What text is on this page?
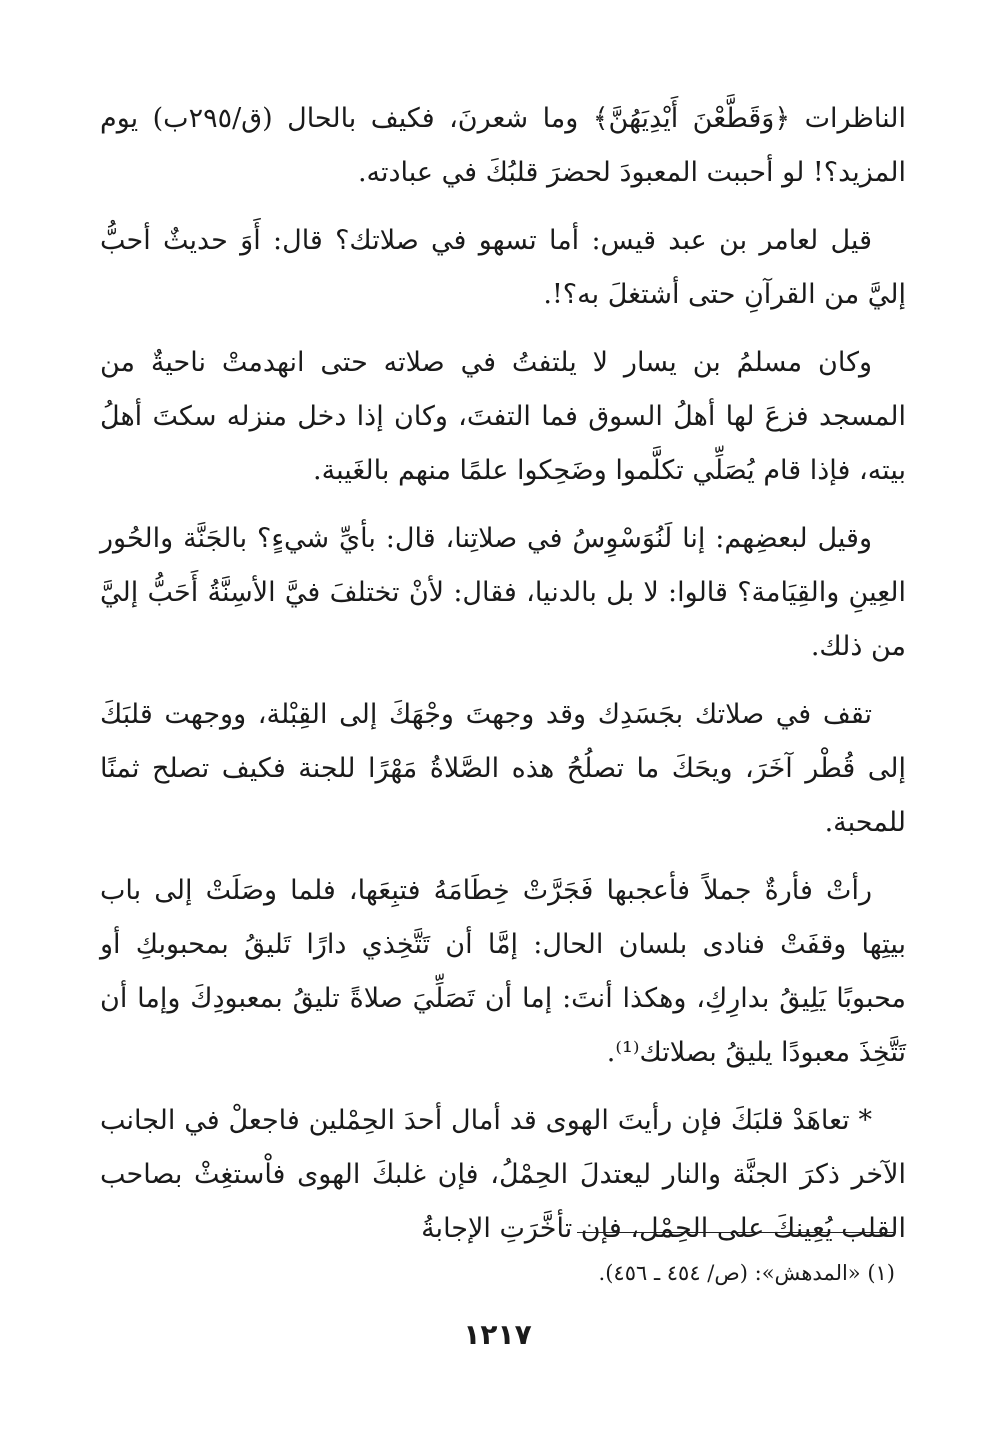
الناظرات ﴿وَقَطَّعْنَ أَيْدِيَهُنَّ﴾ وما شعرنَ، فكيف بالحال (ق/٢٩٥ب) يوم المزيد؟! لو أحببت المعبودَ لحضرَ قلبُكَ في عبادته.

قيل لعامر بن عبد قيس: أما تسهو في صلاتك؟ قال: أَوَ حديثٌ أحبُّ إليَّ من القرآنِ حتى أشتغلَ به؟!.

وكان مسلمُ بن يسار لا يلتفتُ في صلاته حتى انهدمتْ ناحيةٌ من المسجد فزعَ لها أهلُ السوق فما التفتَ، وكان إذا دخل منزله سكتَ أهلُ بيته، فإذا قام يُصَلِّي تكلَّموا وضَحِكوا علمًا منهم بالغَيبة.

وقيل لبعضِهم: إنا لَنُوَسْوِسُ في صلاتِنا، قال: بأيِّ شيءٍ؟ بالجَنَّة والحُور العِينِ والقِيَامة؟ قالوا: لا بل بالدنيا، فقال: لأنْ تختلفَ فيَّ الأسِنَّةُ أَحَبُّ إليَّ من ذلك.

تقف في صلاتك بجَسَدِك وقد وجهتَ وجْهَكَ إلى القِبْلة، ووجهت قلبَكَ إلى قُطْر آخَرَ، ويحَكَ ما تصلُحُ هذه الصَّلاةُ مَهْرًا للجنة فكيف تصلح ثمنًا للمحبة.

رأتْ فأرةٌ جملاً فأعجبها فَجَرَّتْ خِطَامَهُ فتبِعَها، فلما وصَلَتْ إلى باب بيتِها وقفَتْ فنادى بلسان الحال: إمَّا أن تَتَّخِذي دارًا تَليقُ بمحبوبكِ أو محبوبًا يَلِيقُ بدارِكِ، وهكذا أنتَ: إما أن تَصَلِّيَ صلاةً تليقُ بمعبودِكَ وإما أن تَتَّخِذَ معبودًا يليقُ بصلاتك⁽¹⁾.

* تعاهَدْ قلبَكَ فإن رأيتَ الهوى قد أمال أحدَ الحِمْلين فاجعلْ في الجانب الآخر ذكرَ الجنَّة والنار ليعتدلَ الحِمْلُ، فإن غلبكَ الهوى فاْستغِثْ بصاحب القلب يُعِينكَ على الحِمْل، فإن تأخَّرَتِ الإجابةُ

(١) «المدهش»: (ص/ ٤٥٤ ـ ٤٥٦).
١٢١٧
